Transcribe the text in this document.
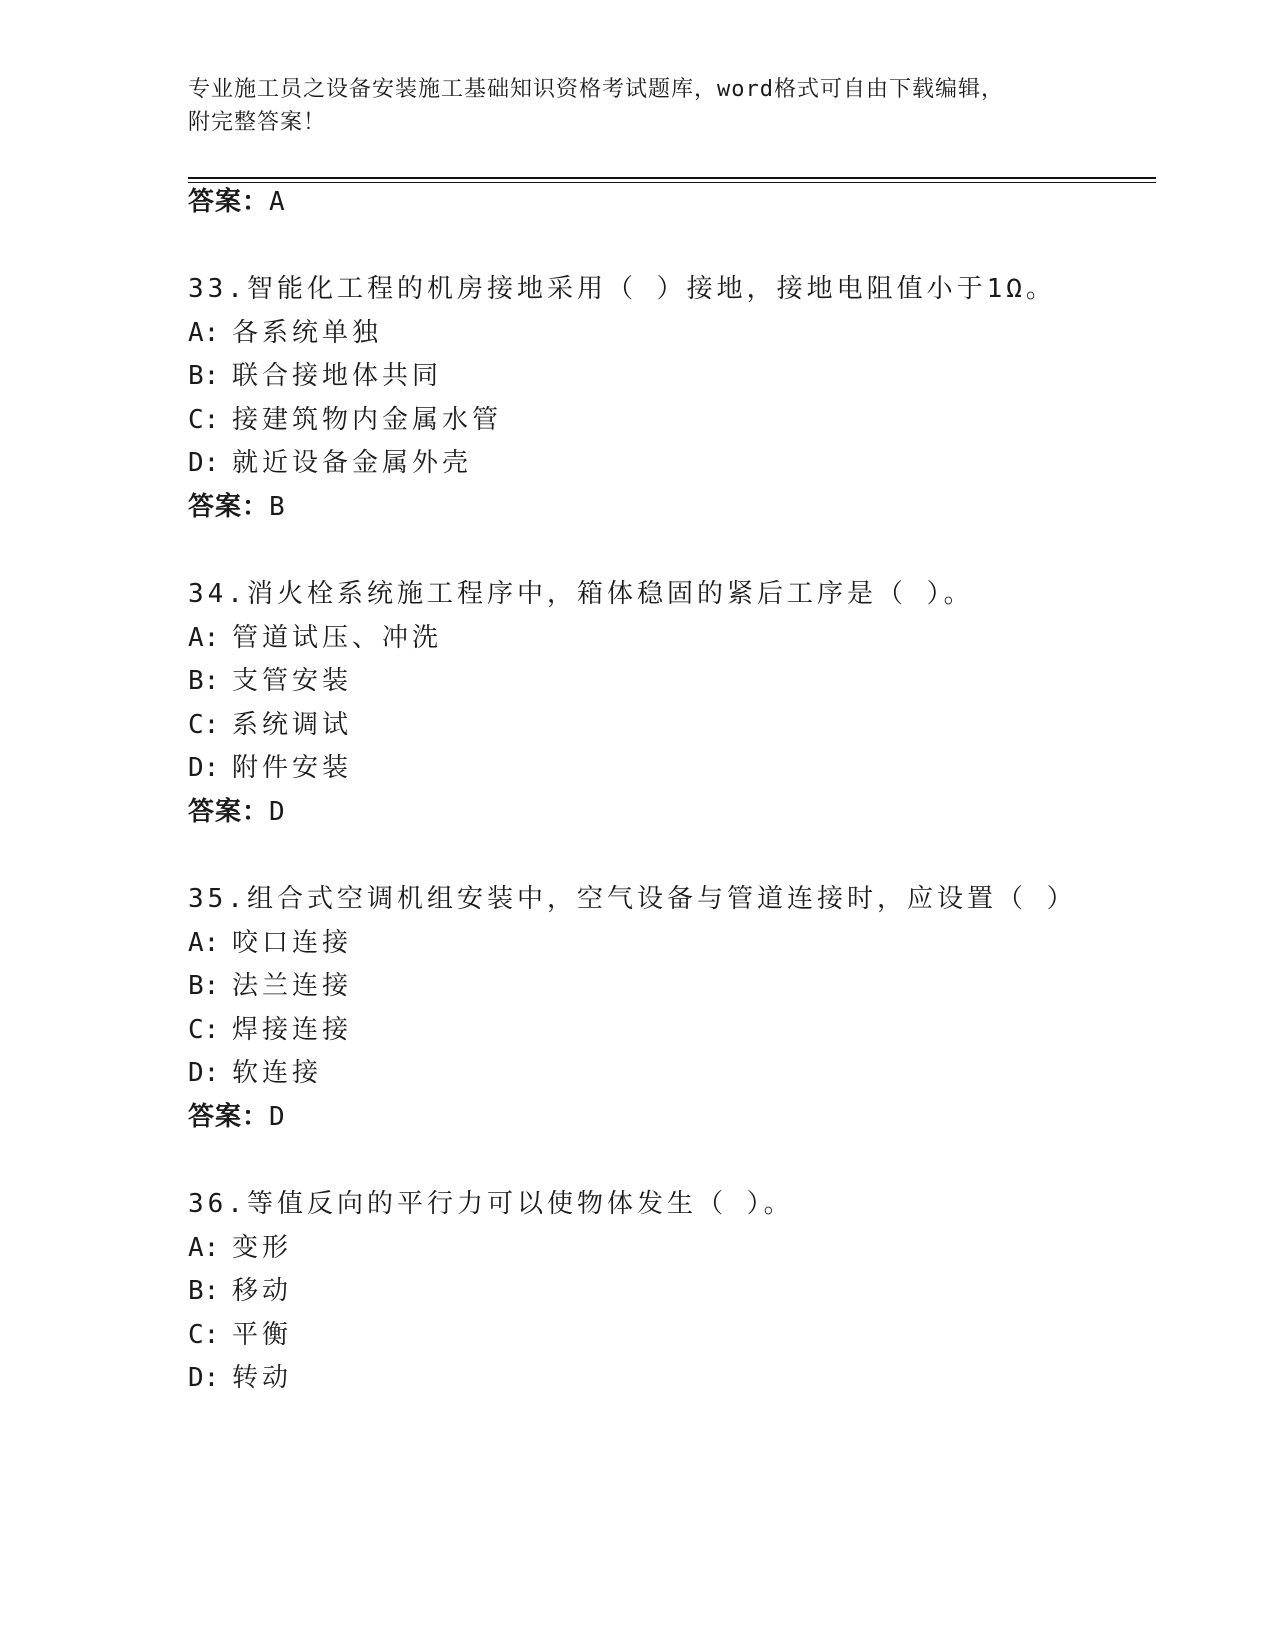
专业施工员之设备安装施工基础知识资格考试题库，word格式可自由下载编辑，
附完整答案！
答案：A
33.智能化工程的机房接地采用（ ）接地，接地电阻值小于1Ω。
A: 各系统单独
B: 联合接地体共同
C: 接建筑物内金属水管
D: 就近设备金属外壳
答案：B
34.消火栓系统施工程序中，箱体稳固的紧后工序是（ ）。
A: 管道试压、冲洗
B: 支管安装
C: 系统调试
D: 附件安装
答案：D
35.组合式空调机组安装中，空气设备与管道连接时，应设置（ ）
A: 咬口连接
B: 法兰连接
C: 焊接连接
D: 软连接
答案：D
36.等值反向的平行力可以使物体发生（ ）。
A: 变形
B: 移动
C: 平衡
D: 转动
